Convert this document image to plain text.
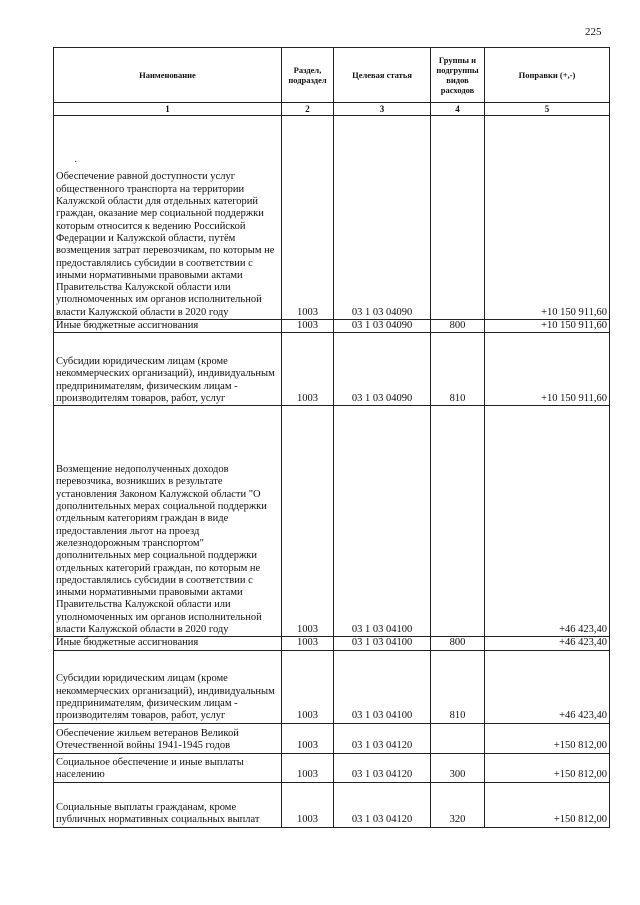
225
Наименование	Раздел, подраздел	Целевая статья	Группы и подгруппы видов расходов	Поправки (+,-)
1	2	3	4	5

·
Обеспечение равной доступности услуг общественного транспорта на территории Калужской области для отдельных категорий граждан, оказание мер социальной поддержки которым относится к ведению Российской Федерации и Калужской области, путём возмещения затрат перевозчикам, по которым не предоставлялись субсидии в соответствии с иными нормативными правовыми актами Правительства Калужской области или уполномоченных им органов исполнительной власти Калужской области в 2020 году	1003	03 1 03 04090		+10 150 911,60
Иные бюджетные ассигнования	1003	03 1 03 04090	800	+10 150 911,60
Субсидии юридическим лицам (кроме некоммерческих организаций), индивидуальным предпринимателям, физическим лицам - производителям товаров, работ, услуг	1003	03 1 03 04090	810	+10 150 911,60
Возмещение недополученных доходов перевозчика, возникших в результате установления Законом Калужской области "О дополнительных мерах социальной поддержки отдельным категориям граждан в виде предоставления льгот на проезд железнодорожным транспортом" дополнительных мер социальной поддержки отдельных категорий граждан, по которым не предоставлялись субсидии в соответствии с иными нормативными правовыми актами Правительства Калужской области или уполномоченных им органов исполнительной власти Калужской области в 2020 году	1003	03 1 03 04100		+46 423,40
Иные бюджетные ассигнования	1003	03 1 03 04100	800	+46 423,40
Субсидии юридическим лицам (кроме некоммерческих организаций), индивидуальным предпринимателям, физическим лицам - производителям товаров, работ, услуг	1003	03 1 03 04100	810	+46 423,40
Обеспечение жильем ветеранов Великой Отечественной войны 1941-1945 годов	1003	03 1 03 04120		+150 812,00
Социальное обеспечение и иные выплаты населению	1003	03 1 03 04120	300	+150 812,00
Социальные выплаты гражданам, кроме публичных нормативных социальных выплат	1003	03 1 03 04120	320	+150 812,00
